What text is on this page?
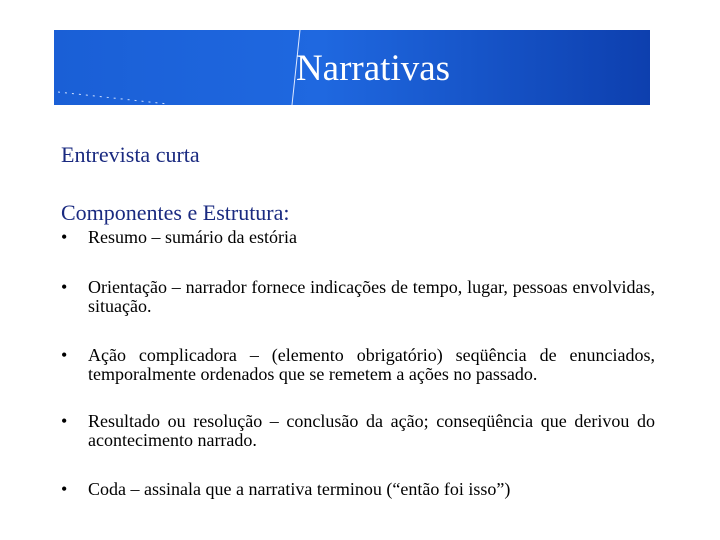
Narrativas
Entrevista curta
Componentes e Estrutura:
•	Resumo – sumário da estória
•	Orientação – narrador fornece indicações de tempo, lugar, pessoas envolvidas, situação.
•	Ação complicadora – (elemento obrigatório) seqüência de enunciados, temporalmente ordenados que se remetem a ações no passado.
•	Resultado ou resolução – conclusão da ação; conseqüência que derivou do acontecimento narrado.
•	Coda – assinala que a narrativa terminou (“então foi isso”)
